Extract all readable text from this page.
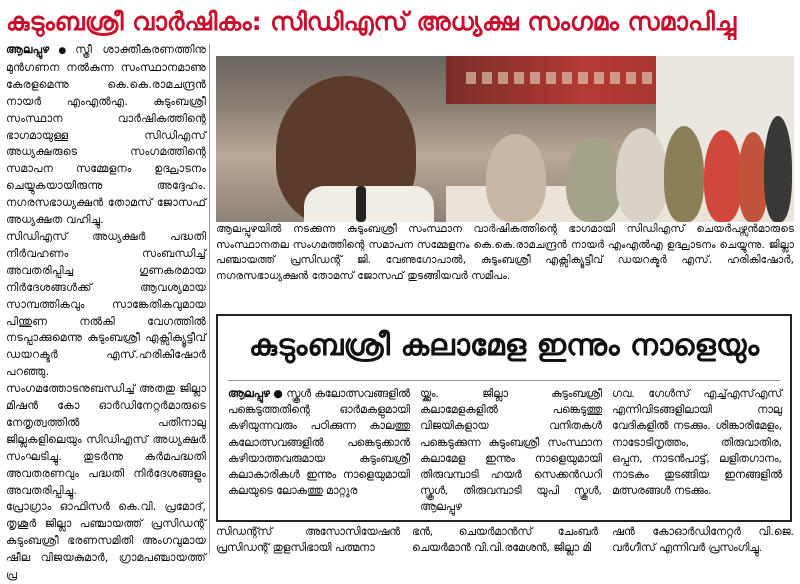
കുടുംബശ്രീ വാർഷികം: സിഡിഎസ് അധ്യക്ഷ സംഗമം സമാപിച്ചു

ആലപ്പുഴ ● സ്ത്രീ ശാക്തീകരണത്തിനു മുൻഗണന നൽകുന്ന സംസ്ഥാനമാണു കേരളമെന്നു കെ.കെ.രാമചന്ദ്രൻ നായർ എംഎൽഎ. കുടുംബശ്രീ സംസ്ഥാന വാർഷികത്തിന്റെ ഭാഗമായുള്ള സിഡിഎസ് അധ്യക്ഷരുടെ സംഗമത്തിന്റെ സമാപന സമ്മേളനം ഉദ്ഘാടനം ചെയ്യുകയായിരുന്നു അദ്ദേഹം. നഗരസഭാധ്യക്ഷൻ തോമസ് ജോസഫ് അധ്യക്ഷത വഹിച്ചു.

സിഡിഎസ് അധ്യക്ഷർ പദ്ധതി നിർവഹണം സംബന്ധിച്ച് അവതരിപ്പിച്ച ഗുണകരമായ നിർദേശങ്ങൾക്ക് ആവശ്യമായ സാമ്പത്തികവും സാങ്കേതികവുമായ പിന്തുണ നൽകി വേഗത്തിൽ നടപ്പാക്കുമെന്നു കുടുംബശ്രീ എക്സിക്യൂട്ടീവ് ഡയറക്ടർ എസ്.ഹരികിഷോർ പറഞ്ഞു.

സംഗമത്തോടനുബന്ധിച്ച് അതതു ജില്ലാ മിഷൻ കോ ഓർഡിനേറ്റർമാരുടെ നേതൃത്വത്തിൽ പതിനാലു ജില്ലകളിലെയും സിഡിഎസ് അധ്യക്ഷർ സംഘടിച്ചു. തുടർന്നു കർമപദ്ധതി അവതരണവും പദ്ധതി നിർദേശങ്ങളും അവതരിപ്പിച്ചു.

പ്രോഗ്രാം ഓഫിസർ കെ.വി. പ്രമോദ്, തൃശൂർ ജില്ലാ പഞ്ചായത്ത് പ്രസിഡന്റ് കുടുംബശ്രീ ഭരണസമിതി അംഗവുമായ ഷീല വിജയകുമാർ, ഗ്രാമപഞ്ചായത്ത് പ്ര

ആലപ്പുഴയിൽ നടക്കുന്ന കുടുംബശ്രീ സംസ്ഥാന വാർഷികത്തിന്റെ ഭാഗമായി സിഡിഎസ് ചെയർപഴ്സൻമാരുടെ സംസ്ഥാനതല സംഗമത്തിന്റെ സമാപന സമ്മേളനം കെ.കെ.രാമചന്ദ്രൻ നായർ എംഎൽഎ ഉദ്ഘാടനം ചെയ്യുന്നു. ജില്ലാ പഞ്ചായത്ത് പ്രസിഡന്റ് ജി. വേണുഗോപാൽ, കുടുംബശ്രീ എക്സിക്യൂട്ടീവ് ഡയറക്ടർ എസ്. ഹരികിഷോർ, നഗരസഭാധ്യക്ഷൻ തോമസ് ജോസഫ് തുടങ്ങിയവർ സമീപം.
കുടുംബശ്രീ കലാമേള ഇന്നും നാളെയും
ആലപ്പുഴ ● സ്കൂൾ കലോത്സവങ്ങളിൽ പങ്കെടുത്തതിന്റെ ഓർമകളുമായി കഴിയുന്നവരും പഠിക്കുന്ന കാലത്തു കലോത്സവങ്ങളിൽ പങ്കെടുക്കാൻ കഴിയാത്തവരുമായ കുടുംബശ്രീ കലാകാരികൾ ഇന്നും നാളെയുമായി കലയുടെ ലോകത്തു മാറ്റുര
യ്ക്കും. ജില്ലാ കുടുംബശ്രീ കലാമേളകളിൽ പങ്കെടുത്തു വിജയികളായ വനിതകൾ പങ്കെടുക്കുന്ന കുടുംബശ്രീ സംസ്ഥാന കലാമേള ഇന്നും നാളെയുമായി തിരുവമ്പാടി ഹയർ സെക്കൻഡറി സ്കൂൾ, തിരുവമ്പാടി യുപി സ്കൂൾ, ആലപ്പുഴ
ഗവ. ഗേൾസ് എച്ച്എസ്എസ് എന്നിവിടങ്ങളിലായി നാലു വേദികളിൽ നടക്കും. ശിങ്കാരിമേളം, നാടോടിനൃത്തം, തിരുവാതിര, ഒപ്പന, നാടൻപാട്ട്, ലളിതഗാനം, നാടകം തുടങ്ങിയ ഇനങ്ങളിൽ മത്സരങ്ങൾ നടക്കും.
സിഡന്റ്സ് അസോസിയേഷൻ പ്രസിഡന്റ് തുളസിഭായി പത്മനാ
ഭൻ, ചെയർമാൻസ് ചേംബർ ചെയർമാൻ വി.വി.രമേശൻ, ജില്ലാ മി
ഷൻ കോഓർഡിനേറ്റർ വി.ജെ. വർഗീസ് എന്നിവർ പ്രസംഗിച്ചു.
